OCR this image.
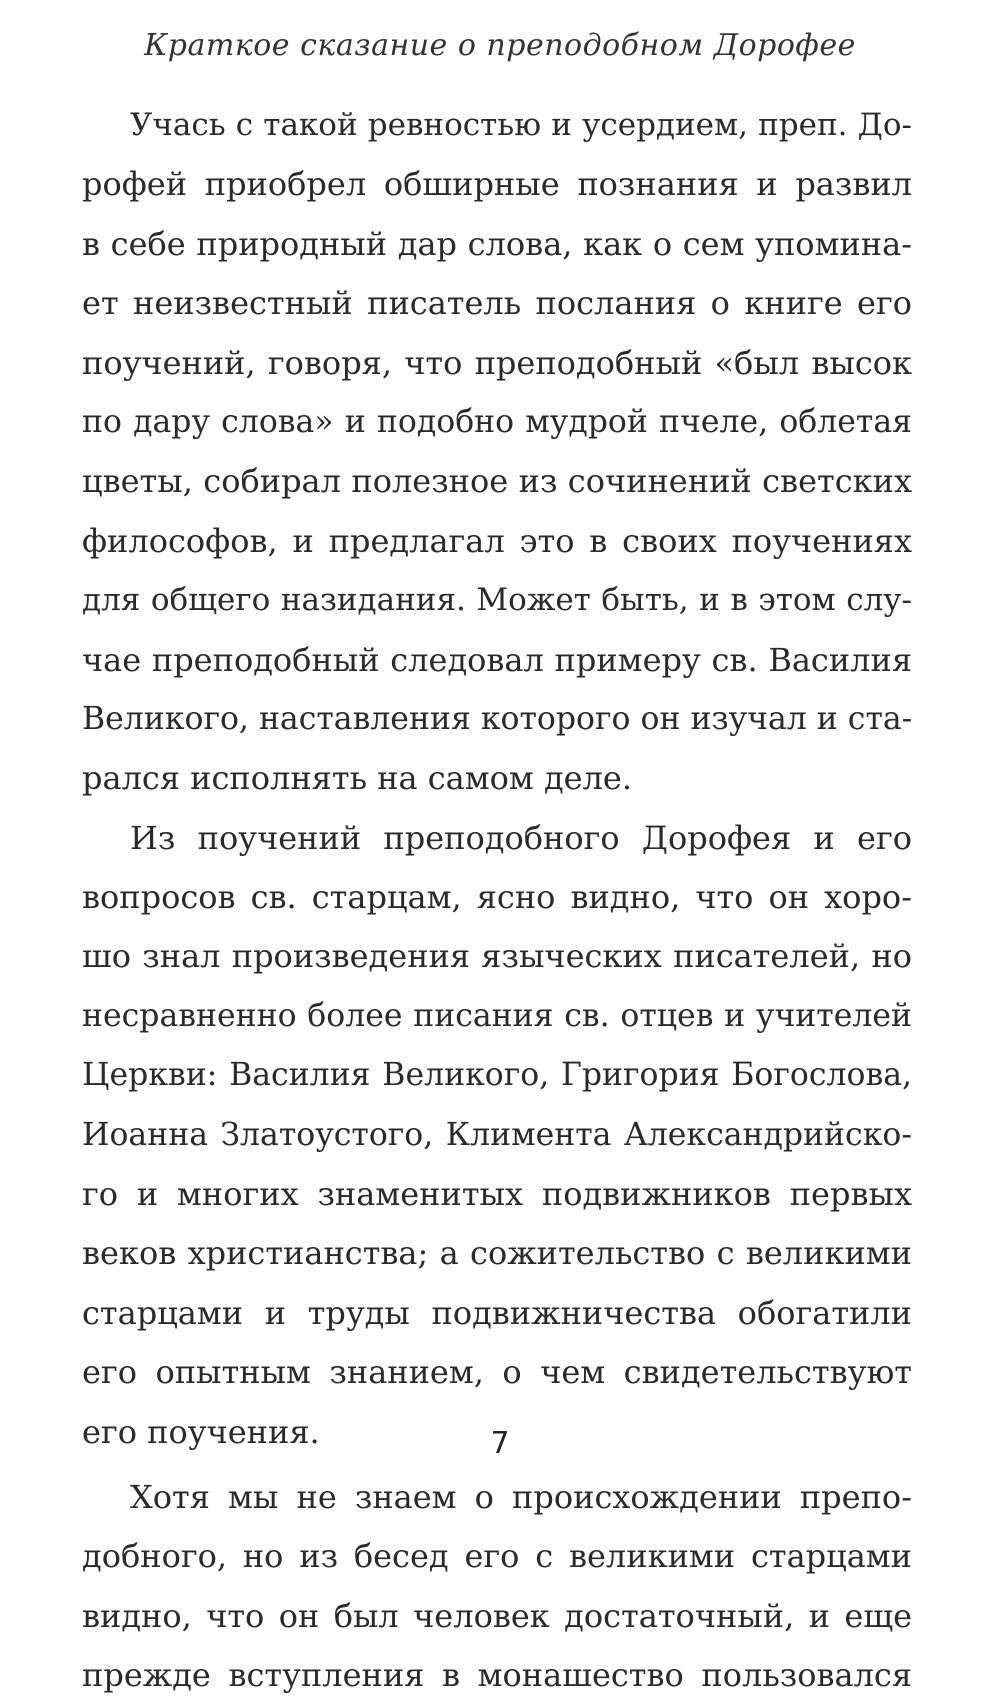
Краткое сказание о преподобном Дорофее
Учась с такой ревностью и усердием, преп. До-
рофей приобрел обширные познания и развил
в себе природный дар слова, как о сем упомина-
ет неизвестный писатель послания о книге его
поучений, говоря, что преподобный «был высок
по дару слова» и подобно мудрой пчеле, облетая
цветы, собирал полезное из сочинений светских
философов, и предлагал это в своих поучениях
для общего назидания. Может быть, и в этом слу-
чае преподобный следовал примеру св. Василия
Великого, наставления которого он изучал и ста-
рался исполнять на самом деле.
Из поучений преподобного Дорофея и его
вопросов св. старцам, ясно видно, что он хоро-
шо знал произведения языческих писателей, но
несравненно более писания св. отцев и учителей
Церкви: Василия Великого, Григория Богослова,
Иоанна Златоустого, Климента Александрийско-
го и многих знаменитых подвижников первых
веков христианства; а сожительство с великими
старцами и труды подвижничества обогатили
его опытным знанием, о чем свидетельствуют
его поучения.
Хотя мы не знаем о происхождении препо-
добного, но из бесед его с великими старцами
видно, что он был человек достаточный, и еще
прежде вступления в монашество пользовался
7
